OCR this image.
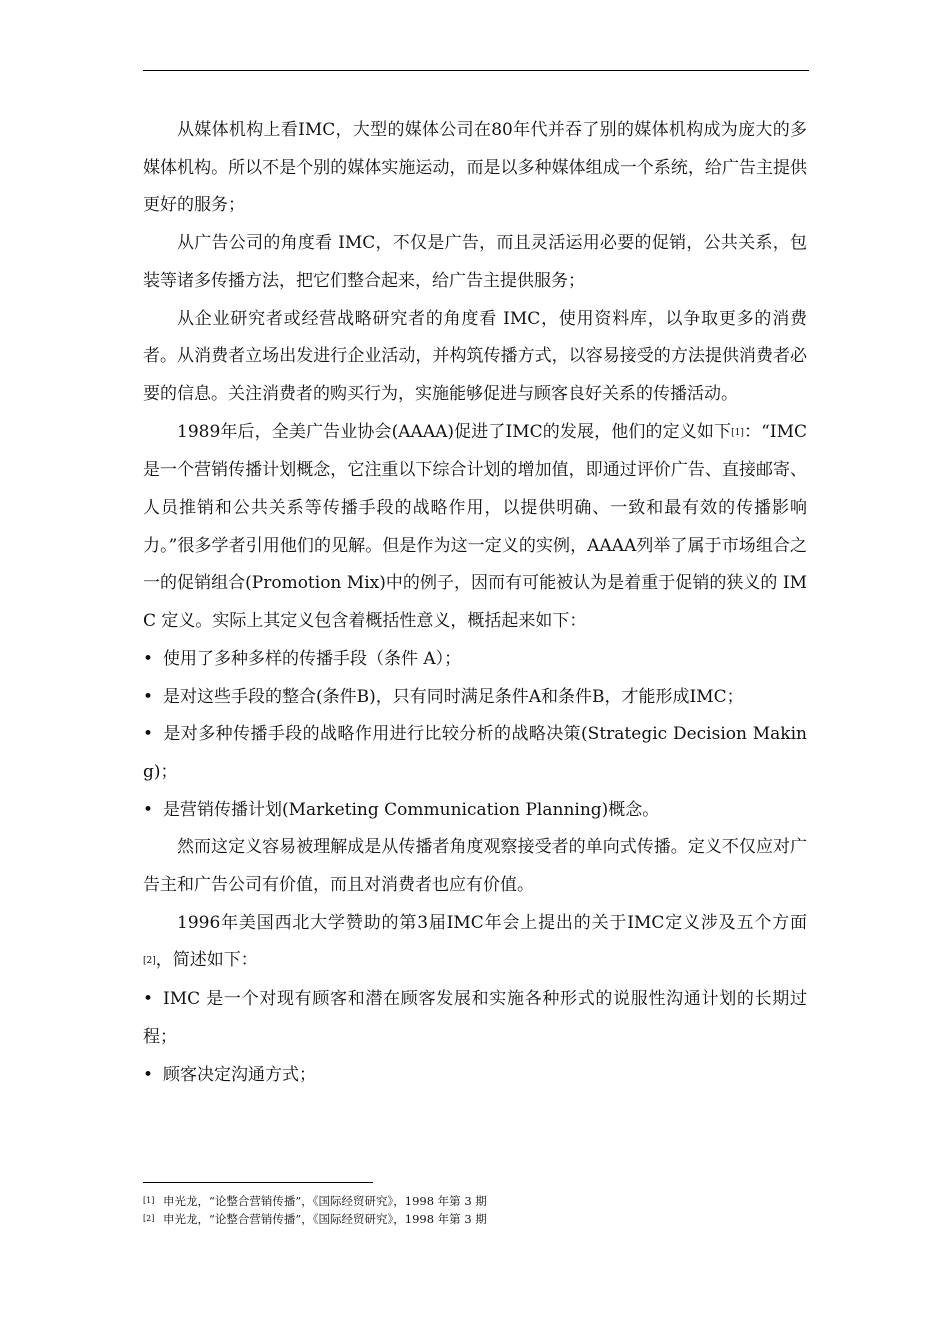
从媒体机构上看IMC，大型的媒体公司在80年代并吞了别的媒体机构成为庞大的多媒体机构。所以不是个别的媒体实施运动，而是以多种媒体组成一个系统，给广告主提供更好的服务；

从广告公司的角度看 IMC，不仅是广告，而且灵活运用必要的促销，公共关系，包装等诸多传播方法，把它们整合起来，给广告主提供服务；

从企业研究者或经营战略研究者的角度看 IMC，使用资料库，以争取更多的消费者。从消费者立场出发进行企业活动，并构筑传播方式，以容易接受的方法提供消费者必要的信息。关注消费者的购买行为，实施能够促进与顾客良好关系的传播活动。

1989年后，全美广告业协会(AAAA)促进了IMC的发展，他们的定义如下[1]：“IMC 是一个营销传播计划概念，它注重以下综合计划的增加值，即通过评价广告、直接邮寄、人员推销和公共关系等传播手段的战略作用，以提供明确、一致和最有效的传播影响力。”很多学者引用他们的见解。但是作为这一定义的实例，AAAA列举了属于市场组合之一的促销组合(Promotion Mix)中的例子，因而有可能被认为是着重于促销的狭义的 IMC 定义。实际上其定义包含着概括性意义，概括起来如下：

• 使用了多种多样的传播手段（条件 A）；

• 是对这些手段的整合(条件B)，只有同时满足条件A和条件B，才能形成IMC；

• 是对多种传播手段的战略作用进行比较分析的战略决策(Strategic Decision Making)；

• 是营销传播计划(Marketing Communication Planning)概念。

然而这定义容易被理解成是从传播者角度观察接受者的单向式传播。定义不仅应对广告主和广告公司有价值，而且对消费者也应有价值。

1996年美国西北大学赞助的第3届IMC年会上提出的关于IMC定义涉及五个方面[2]，简述如下：

• IMC 是一个对现有顾客和潜在顾客发展和实施各种形式的说服性沟通计划的长期过程；

• 顾客决定沟通方式；

[1] 申光龙，“论整合营销传播”，《国际经贸研究》，1998 年第 3 期

[2] 申光龙，“论整合营销传播”，《国际经贸研究》，1998 年第 3 期
